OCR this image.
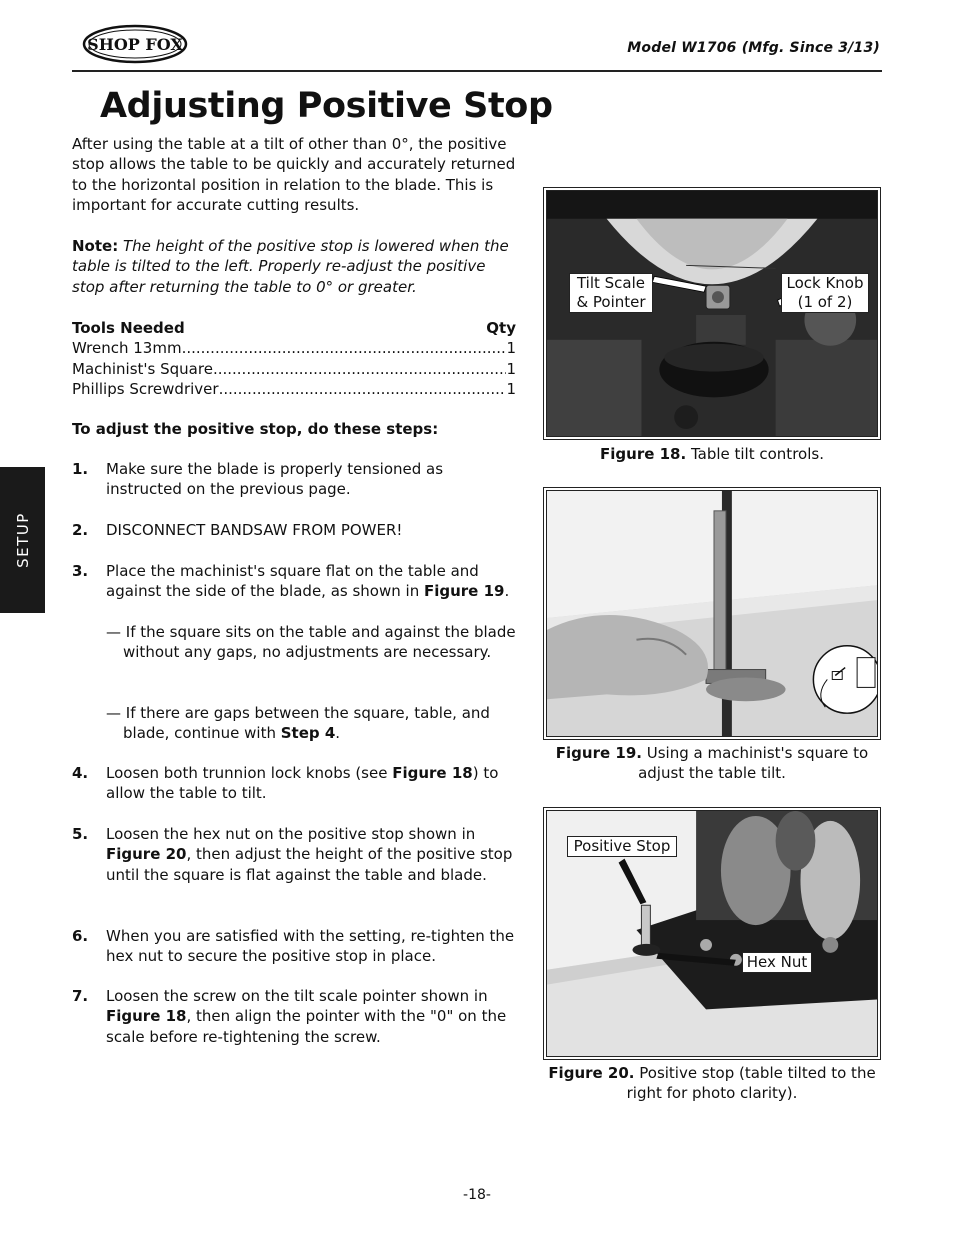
SHOP FOX	Model W1706 (Mfg. Since 3/13)
Adjusting Positive Stop

After using the table at a tilt of other than 0°, the positive stop allows the table to be quickly and accurately returned to the horizontal position in relation to the blade. This is important for accurate cutting results.

Note: The height of the positive stop is lowered when the table is tilted to the left. Properly re-adjust the positive stop after returning the table to 0° or greater.

Tools Needed	Qty
Wrench 13mm .....	1
Machinist's Square .....	1
Phillips Screwdriver .....	1
To adjust the positive stop, do these steps:
1. Make sure the blade is properly tensioned as instructed on the previous page.
2. DISCONNECT BANDSAW FROM POWER!
3. Place the machinist's square flat on the table and against the side of the blade, as shown in Figure 19.
— If the square sits on the table and against the blade without any gaps, no adjustments are necessary.
— If there are gaps between the square, table, and blade, continue with Step 4.
4. Loosen both trunnion lock knobs (see Figure 18) to allow the table to tilt.
5. Loosen the hex nut on the positive stop shown in Figure 20, then adjust the height of the positive stop until the square is flat against the table and blade.
6. When you are satisfied with the setting, re-tighten the hex nut to secure the positive stop in place.
7. Loosen the screw on the tilt scale pointer shown in Figure 18, then align the pointer with the "0" on the scale before re-tightening the screw.
SETUP
Tilt Scale
& Pointer
Lock Knob
(1 of 2)
Figure 18. Table tilt controls.
Figure 19. Using a machinist's square to adjust the table tilt.
Positive Stop
Hex Nut
Figure 20. Positive stop (table tilted to the right for photo clarity).
-18-
